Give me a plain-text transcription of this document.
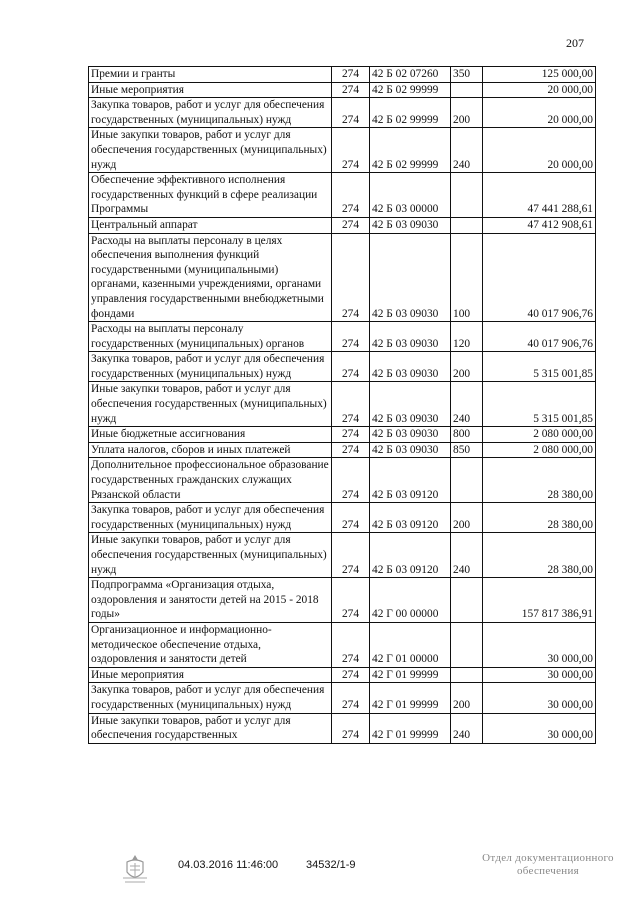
207
Премии и гранты	274	42 Б 02 07260	350	125 000,00
Иные мероприятия	274	42 Б 02 99999		20 000,00
Закупка товаров, работ и услуг для обеспечения государственных (муниципальных) нужд	274	42 Б 02 99999	200	20 000,00
Иные закупки товаров, работ и услуг для обеспечения государственных (муниципальных) нужд	274	42 Б 02 99999	240	20 000,00
Обеспечение эффективного исполнения государственных функций в сфере реализации Программы	274	42 Б 03 00000		47 441 288,61
Центральный аппарат	274	42 Б 03 09030		47 412 908,61
Расходы на выплаты персоналу в целях обеспечения выполнения функций государственными (муниципальными) органами, казенными учреждениями, органами управления государственными внебюджетными фондами	274	42 Б 03 09030	100	40 017 906,76
Расходы на выплаты персоналу государственных (муниципальных) органов	274	42 Б 03 09030	120	40 017 906,76
Закупка товаров, работ и услуг для обеспечения государственных (муниципальных) нужд	274	42 Б 03 09030	200	5 315 001,85
Иные закупки товаров, работ и услуг для обеспечения государственных (муниципальных) нужд	274	42 Б 03 09030	240	5 315 001,85
Иные бюджетные ассигнования	274	42 Б 03 09030	800	2 080 000,00
Уплата налогов, сборов и иных платежей	274	42 Б 03 09030	850	2 080 000,00
Дополнительное профессиональное образование государственных гражданских служащих Рязанской области	274	42 Б 03 09120		28 380,00
Закупка товаров, работ и услуг для обеспечения государственных (муниципальных) нужд	274	42 Б 03 09120	200	28 380,00
Иные закупки товаров, работ и услуг для обеспечения государственных (муниципальных) нужд	274	42 Б 03 09120	240	28 380,00
Подпрограмма «Организация отдыха, оздоровления и занятости детей на 2015 - 2018 годы»	274	42 Г 00 00000		157 817 386,91
Организационное и информационно-методическое обеспечение отдыха, оздоровления и занятости детей	274	42 Г 01 00000		30 000,00
Иные мероприятия	274	42 Г 01 99999		30 000,00
Закупка товаров, работ и услуг для обеспечения государственных (муниципальных) нужд	274	42 Г 01 99999	200	30 000,00
Иные закупки товаров, работ и услуг для обеспечения государственных	274	42 Г 01 99999	240	30 000,00
04.03.2016 11:46:00	34532/1-9
Отдел документационного
обеспечения
